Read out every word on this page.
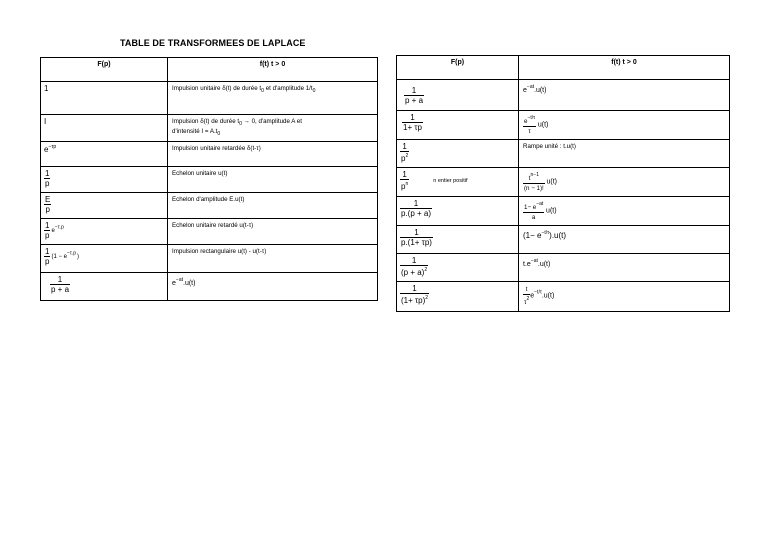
TABLE DE TRANSFORMEES DE LAPLACE
F(p)	f(t) t > 0
1	Impulsion unitaire δ(t) de durée $t_0$ et d'amplitude $1/t_0$
I	Impulsion δ(t) de durée $t_0 \to 0$, d'amplitude A et
d'intensité $I = A.t_0$
$e^{-\tau p}$	Impulsion unitaire retardée δ(t-τ)

$\frac{1}{p}$	Echelon unitaire u(t)

$\frac{E}{p}$	Echelon d'amplitude E.u(t)

$\frac{1}{p} e^{-\tau.p}$	Echelon unitaire retardé u(t-τ)

$\frac{1}{p} (1 - e^{-\tau.p})$	Impulsion rectangulaire u(t) - u(t-τ)

$\frac{1}{p + a}$	$e^{-at}.u(t)$
F(p)	f(t) t > 0

$\frac{1}{p + a}$	$e^{-at}.u(t)$

$\frac{1}{1+ \tau p}$	$\frac{e^{-t/\tau}}{\tau} u(t)$

$\frac{1}{p^2}$	Rampe unité : t.u(t)

$\frac{1}{p^n}$ n entier positif	$\frac{t^{n-1}}{(n - 1)!} u(t)$

$\frac{1}{p.(p + a)}$	$\frac{1- e^{-at}}{a} u(t)$

$\frac{1}{p.(1+ \tau p)}$	$(1- e^{-t/\tau}).u(t)$

$\frac{1}{(p + a)^2}$	$t.e^{-at}.u(t)$

$\frac{1}{(1+ \tau p)^2}$	$\frac{t}{\tau^2} e^{-t/\tau}.u(t)$
